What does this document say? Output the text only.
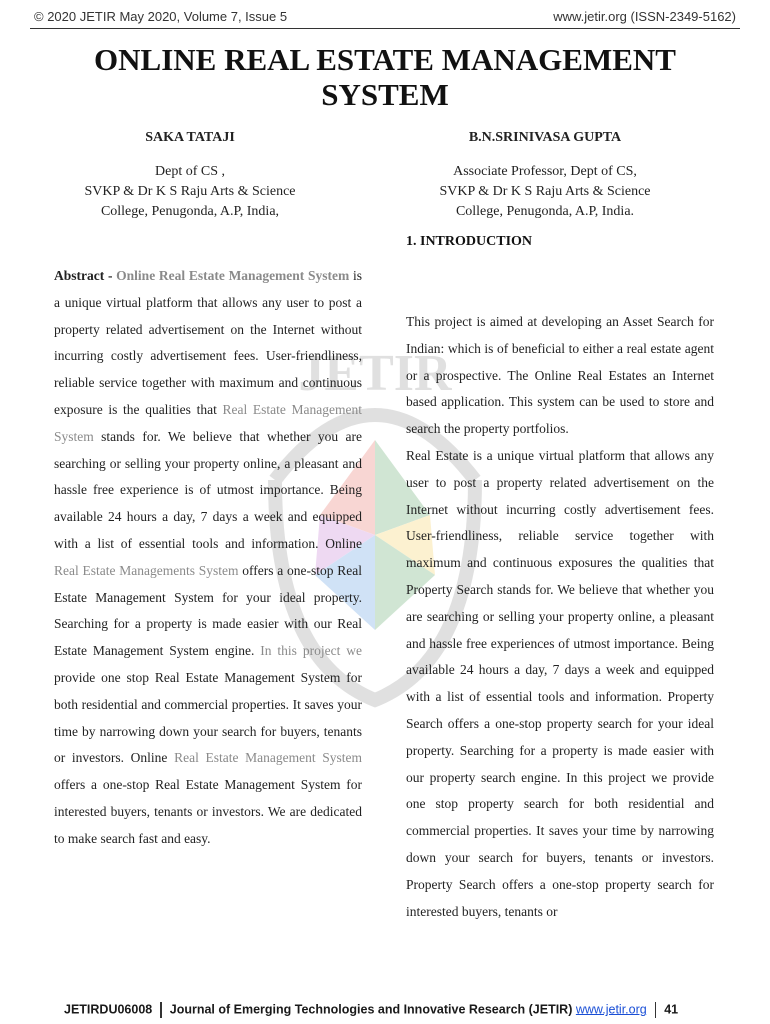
© 2020 JETIR May 2020, Volume 7, Issue 5	www.jetir.org (ISSN-2349-5162)
ONLINE REAL ESTATE MANAGEMENT SYSTEM
SAKA TATAJI
Dept of CS ,
SVKP & Dr K S Raju Arts & Science
College, Penugonda, A.P, India,
B.N.SRINIVASA GUPTA
Associate Professor, Dept of CS,
SVKP & Dr K S Raju Arts & Science
College, Penugonda, A.P, India.
JETIR

Abstract - Online Real Estate Management System is a unique virtual platform that allows any user to post a property related advertisement on the Internet without incurring costly advertisement fees. User-friendliness, reliable service together with maximum and continuous exposure is the qualities that Real Estate Management System stands for. We believe that whether you are searching or selling your property online, a pleasant and hassle free experience is of utmost importance. Being available 24 hours a day, 7 days a week and equipped with a list of essential tools and information. Online Real Estate Managements System offers a one-stop Real Estate Management System for your ideal property. Searching for a property is made easier with our Real Estate Management System engine. In this project we provide one stop Real Estate Management System for both residential and commercial properties. It saves your time by narrowing down your search for buyers, tenants or investors. Online Real Estate Management System offers a one-stop Real Estate Management System for interested buyers, tenants or investors. We are dedicated to make search fast and easy.

1. INTRODUCTION

This project is aimed at developing an Asset Search for Indian: which is of beneficial to either a real estate agent or a prospective. The Online Real Estates an Internet based application. This system can be used to store and search the property portfolios.

Real Estate is a unique virtual platform that allows any user to post a property related advertisement on the Internet without incurring costly advertisement fees. User-friendliness, reliable service together with maximum and continuous exposures the qualities that Property Search stands for. We believe that whether you are searching or selling your property online, a pleasant and hassle free experiences of utmost importance. Being available 24 hours a day, 7 days a week and equipped with a list of essential tools and information. Property Search offers a one-stop property search for your ideal property. Searching for a property is made easier with our property search engine. In this project we provide one stop property search for both residential and commercial properties. It saves your time by narrowing down your search for buyers, tenants or investors. Property Search offers a one-stop property search for interested buyers, tenants or

JETIRDU06008 Journal of Emerging Technologies and Innovative Research (JETIR) www.jetir.org 41
